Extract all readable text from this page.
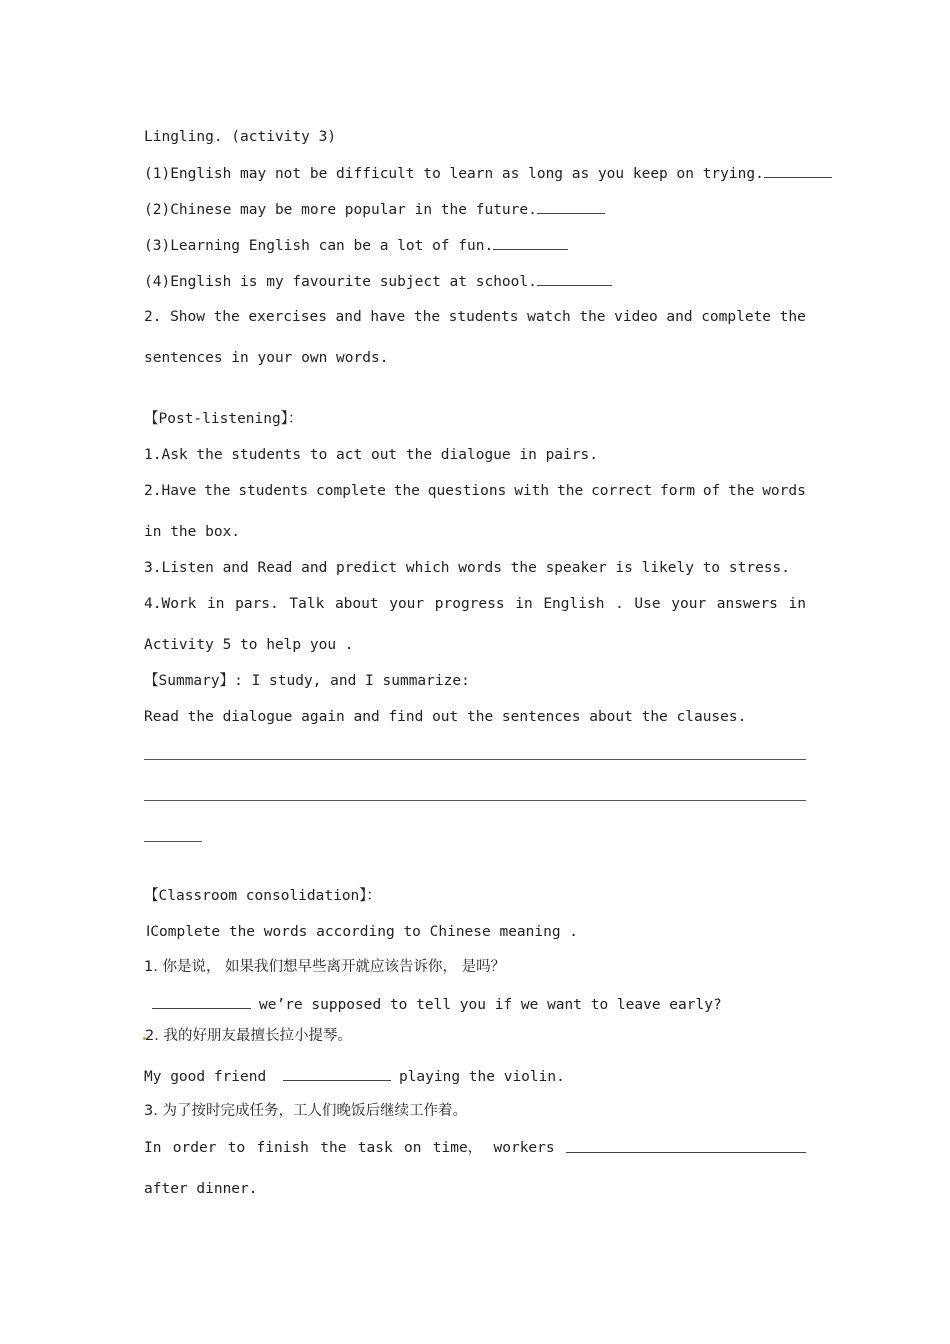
Lingling. (activity 3)
(1)English may not be difficult to learn as long as you keep on trying.
(2)Chinese may be more popular in the future.
(3)Learning English can be a lot of fun.
(4)English is my favourite subject at school.
2. Show the exercises and have the students watch the video and complete the
sentences in your own words.
【Post-listening】：
1.Ask the students to act out the dialogue in pairs.
2.Have the students complete the questions with the correct form of the words
in the box.
3.Listen and Read and predict which words the speaker is likely to stress.
4.Work in pars. Talk about your progress in English . Use your answers in
Activity 5 to help you .
【Summary】: I study, and I summarize:
Read the dialogue again and find out the sentences about the clauses.
【Classroom consolidation】：
ⅠComplete the words according to Chinese meaning .
1. 你是说， 如果我们想早些离开就应该告诉你， 是吗？
we’re supposed to tell you if we want to leave early?
2. 我的好朋友最擅长拉小提琴。
My good friend	playing the violin.
3. 为了按时完成任务，工人们晚饭后继续工作着。
In order to finish the task on time， workers
after dinner.
